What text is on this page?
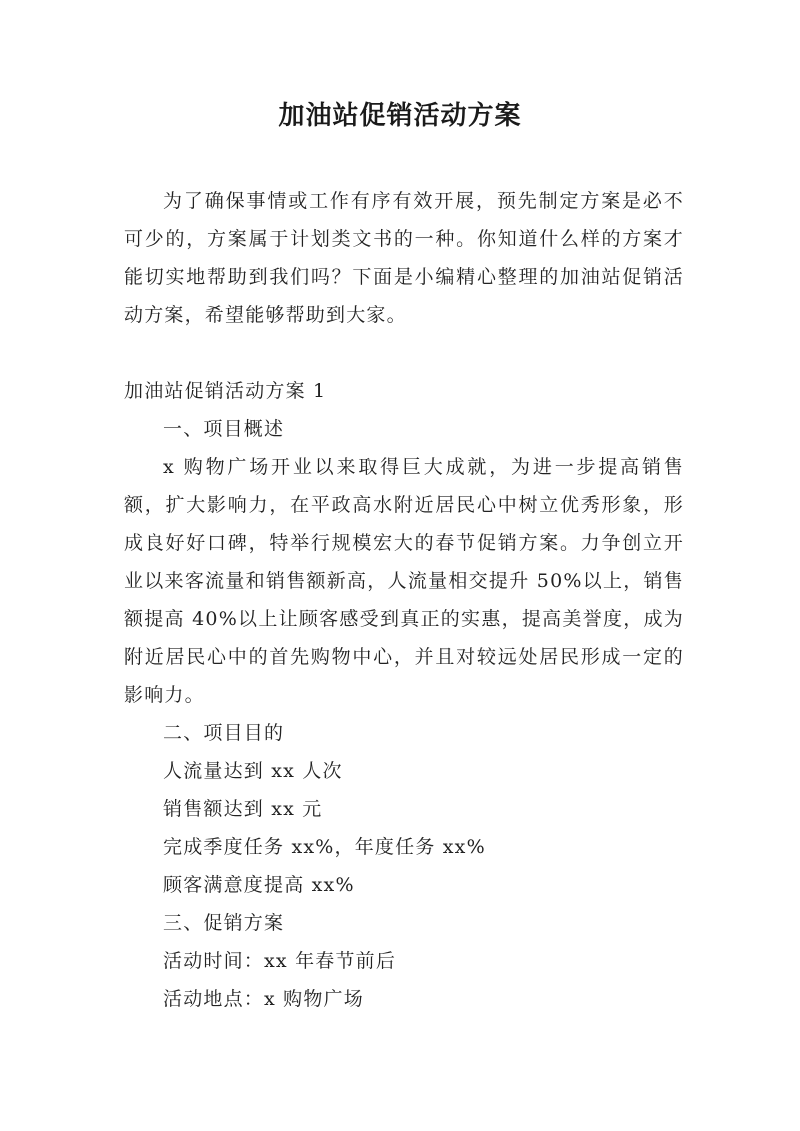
加油站促销活动方案

为了确保事情或工作有序有效开展，预先制定方案是必不可少的，方案属于计划类文书的一种。你知道什么样的方案才能切实地帮助到我们吗？下面是小编精心整理的加油站促销活动方案，希望能够帮助到大家。

加油站促销活动方案 1

一、项目概述

x 购物广场开业以来取得巨大成就，为进一步提高销售额，扩大影响力，在平政高水附近居民心中树立优秀形象，形成良好好口碑，特举行规模宏大的春节促销方案。力争创立开业以来客流量和销售额新高，人流量相交提升 50%以上，销售额提高 40%以上让顾客感受到真正的实惠，提高美誉度，成为附近居民心中的首先购物中心，并且对较远处居民形成一定的影响力。

二、项目目的

人流量达到 xx 人次

销售额达到 xx 元

完成季度任务 xx%，年度任务 xx%

顾客满意度提高 xx%

三、促销方案

活动时间：xx 年春节前后

活动地点：x 购物广场
